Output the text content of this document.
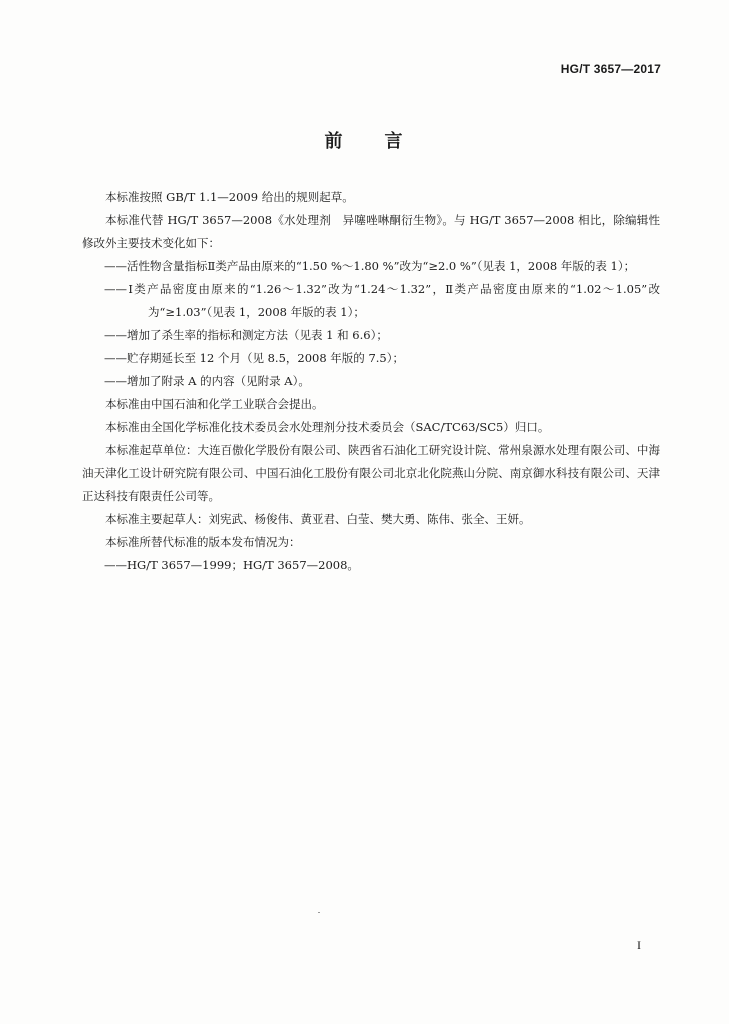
HG/T 3657—2017
前 言

本标准按照 GB/T 1.1—2009 给出的规则起草。

本标准代替 HG/T 3657—2008《水处理剂　异噻唑啉酮衍生物》。与 HG/T 3657—2008 相比，除编辑性修改外主要技术变化如下：

——活性物含量指标Ⅱ类产品由原来的“1.50 %～1.80 %”改为“≥2.0 %”（见表 1，2008 年版的表 1）；

——Ⅰ类产品密度由原来的“1.26～1.32”改为“1.24～1.32”，Ⅱ类产品密度由原来的“1.02～1.05”改为“≥1.03”（见表 1，2008 年版的表 1）；

——增加了杀生率的指标和测定方法（见表 1 和 6.6）；

——贮存期延长至 12 个月（见 8.5，2008 年版的 7.5）；

——增加了附录 A 的内容（见附录 A）。

本标准由中国石油和化学工业联合会提出。

本标准由全国化学标准化技术委员会水处理剂分技术委员会（SAC/TC63/SC5）归口。

本标准起草单位：大连百傲化学股份有限公司、陕西省石油化工研究设计院、常州泉源水处理有限公司、中海油天津化工设计研究院有限公司、中国石油化工股份有限公司北京北化院燕山分院、南京御水科技有限公司、天津正达科技有限责任公司等。

本标准主要起草人：刘宪武、杨俊伟、黄亚君、白莹、樊大勇、陈伟、张全、王妍。

本标准所替代标准的版本发布情况为：

——HG/T 3657—1999；HG/T 3657—2008。

I
